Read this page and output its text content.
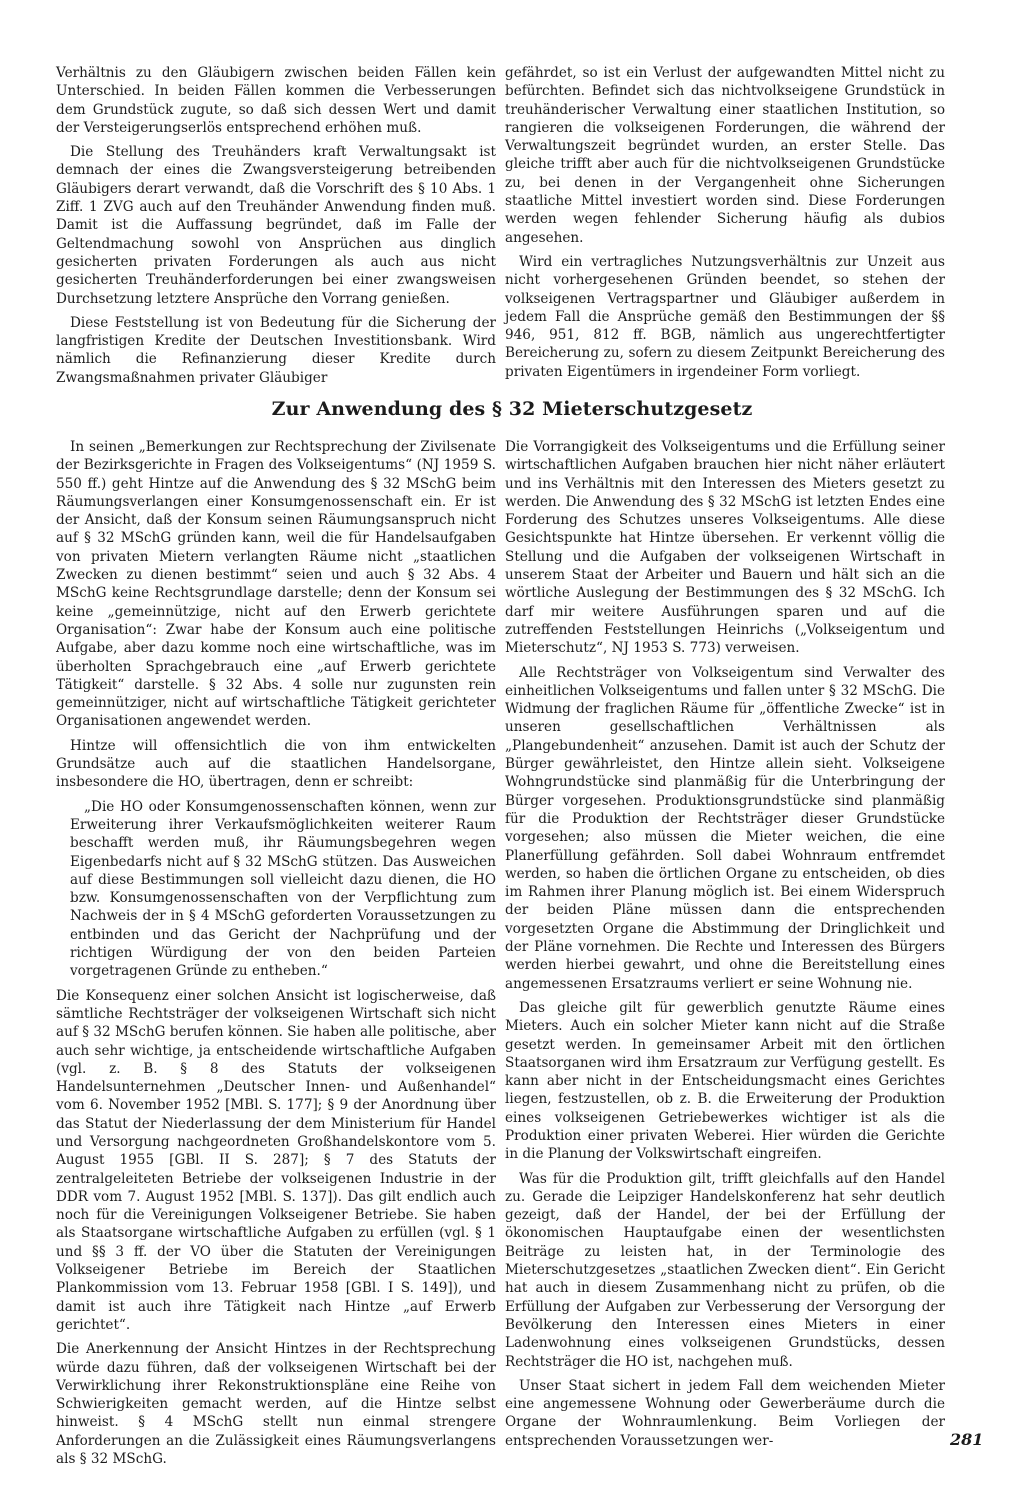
Verhältnis zu den Gläubigern zwischen beiden Fällen kein Unterschied. In beiden Fällen kommen die Verbesserungen dem Grundstück zugute, so daß sich dessen Wert und damit der Versteigerungserlös entsprechend erhöhen muß.

Die Stellung des Treuhänders kraft Verwaltungsakt ist demnach der eines die Zwangsversteigerung betreibenden Gläubigers derart verwandt, daß die Vorschrift des § 10 Abs. 1 Ziff. 1 ZVG auch auf den Treuhänder Anwendung finden muß. Damit ist die Auffassung begründet, daß im Falle der Geltendmachung sowohl von Ansprüchen aus dinglich gesicherten privaten Forderungen als auch aus nicht gesicherten Treuhänderforderungen bei einer zwangsweisen Durchsetzung letztere Ansprüche den Vorrang genießen.

Diese Feststellung ist von Bedeutung für die Sicherung der langfristigen Kredite der Deutschen Investitionsbank. Wird nämlich die Refinanzierung dieser Kredite durch Zwangsmaßnahmen privater Gläubiger

gefährdet, so ist ein Verlust der aufgewandten Mittel nicht zu befürchten. Befindet sich das nichtvolkseigene Grundstück in treuhänderischer Verwaltung einer staatlichen Institution, so rangieren die volkseigenen Forderungen, die während der Verwaltungszeit begründet wurden, an erster Stelle. Das gleiche trifft aber auch für die nichtvolkseigenen Grundstücke zu, bei denen in der Vergangenheit ohne Sicherungen staatliche Mittel investiert worden sind. Diese Forderungen werden wegen fehlender Sicherung häufig als dubios angesehen.

Wird ein vertragliches Nutzungsverhältnis zur Unzeit aus nicht vorhergesehenen Gründen beendet, so stehen der volkseigenen Vertragspartner und Gläubiger außerdem in jedem Fall die Ansprüche gemäß den Bestimmungen der §§ 946, 951, 812 ff. BGB, nämlich aus ungerechtfertigter Bereicherung zu, sofern zu diesem Zeitpunkt Bereicherung des privaten Eigentümers in irgendeiner Form vorliegt.

Zur Anwendung des § 32 Mieterschutzgesetz

In seinen „Bemerkungen zur Rechtsprechung der Zivilsenate der Bezirksgerichte in Fragen des Volkseigentums“ (NJ 1959 S. 550 ff.) geht Hintze auf die Anwendung des § 32 MSchG beim Räumungsverlangen einer Konsumgenossenschaft ein. Er ist der Ansicht, daß der Konsum seinen Räumungsanspruch nicht auf § 32 MSchG gründen kann, weil die für Handelsaufgaben von privaten Mietern verlangten Räume nicht „staatlichen Zwecken zu dienen bestimmt“ seien und auch § 32 Abs. 4 MSchG keine Rechtsgrundlage darstelle; denn der Konsum sei keine „gemeinnützige, nicht auf den Erwerb gerichtete Organisation“: Zwar habe der Konsum auch eine politische Aufgabe, aber dazu komme noch eine wirtschaftliche, was im überholten Sprachgebrauch eine „auf Erwerb gerichtete Tätigkeit“ darstelle. § 32 Abs. 4 solle nur zugunsten rein gemeinnütziger, nicht auf wirtschaftliche Tätigkeit gerichteter Organisationen angewendet werden.

Hintze will offensichtlich die von ihm entwickelten Grundsätze auch auf die staatlichen Handelsorgane, insbesondere die HO, übertragen, denn er schreibt:

„Die HO oder Konsumgenossenschaften können, wenn zur Erweiterung ihrer Verkaufsmöglichkeiten weiterer Raum beschafft werden muß, ihr Räumungsbegehren wegen Eigenbedarfs nicht auf § 32 MSchG stützen. Das Ausweichen auf diese Bestimmungen soll vielleicht dazu dienen, die HO bzw. Konsumgenossenschaften von der Verpflichtung zum Nachweis der in § 4 MSchG geforderten Voraussetzungen zu entbinden und das Gericht der Nachprüfung und der richtigen Würdigung der von den beiden Parteien vorgetragenen Gründe zu entheben.“

Die Konsequenz einer solchen Ansicht ist logischerweise, daß sämtliche Rechtsträger der volkseigenen Wirtschaft sich nicht auf § 32 MSchG berufen können. Sie haben alle politische, aber auch sehr wichtige, ja entscheidende wirtschaftliche Aufgaben (vgl. z. B. § 8 des Statuts der volkseigenen Handelsunternehmen „Deutscher Innen- und Außenhandel“ vom 6. November 1952 [MBl. S. 177]; § 9 der Anordnung über das Statut der Niederlassung der dem Ministerium für Handel und Versorgung nachgeordneten Großhandelskontore vom 5. August 1955 [GBl. II S. 287]; § 7 des Statuts der zentralgeleiteten Betriebe der volkseigenen Industrie in der DDR vom 7. August 1952 [MBl. S. 137]). Das gilt endlich auch noch für die Vereinigungen Volkseigener Betriebe. Sie haben als Staatsorgane wirtschaftliche Aufgaben zu erfüllen (vgl. § 1 und §§ 3 ff. der VO über die Statuten der Vereinigungen Volkseigener Betriebe im Bereich der Staatlichen Plankommission vom 13. Februar 1958 [GBl. I S. 149]), und damit ist auch ihre Tätigkeit nach Hintze „auf Erwerb gerichtet“.

Die Anerkennung der Ansicht Hintzes in der Rechtsprechung würde dazu führen, daß der volkseigenen Wirtschaft bei der Verwirklichung ihrer Rekonstruktionspläne eine Reihe von Schwierigkeiten gemacht werden, auf die Hintze selbst hinweist. § 4 MSchG stellt nun einmal strengere Anforderungen an die Zulässigkeit eines Räumungsverlangens als § 32 MSchG.

Die Vorrangigkeit des Volkseigentums und die Erfüllung seiner wirtschaftlichen Aufgaben brauchen hier nicht näher erläutert und ins Verhältnis mit den Interessen des Mieters gesetzt zu werden. Die Anwendung des § 32 MSchG ist letzten Endes eine Forderung des Schutzes unseres Volkseigentums. Alle diese Gesichtspunkte hat Hintze übersehen. Er verkennt völlig die Stellung und die Aufgaben der volkseigenen Wirtschaft in unserem Staat der Arbeiter und Bauern und hält sich an die wörtliche Auslegung der Bestimmungen des § 32 MSchG. Ich darf mir weitere Ausführungen sparen und auf die zutreffenden Feststellungen Heinrichs („Volkseigentum und Mieterschutz“, NJ 1953 S. 773) verweisen.

Alle Rechtsträger von Volkseigentum sind Verwalter des einheitlichen Volkseigentums und fallen unter § 32 MSchG. Die Widmung der fraglichen Räume für „öffentliche Zwecke“ ist in unseren gesellschaftlichen Verhältnissen als „Plangebundenheit“ anzusehen. Damit ist auch der Schutz der Bürger gewährleistet, den Hintze allein sieht. Volkseigene Wohngrundstücke sind planmäßig für die Unterbringung der Bürger vorgesehen. Produktionsgrundstücke sind planmäßig für die Produktion der Rechtsträger dieser Grundstücke vorgesehen; also müssen die Mieter weichen, die eine Planerfüllung gefährden. Soll dabei Wohnraum entfremdet werden, so haben die örtlichen Organe zu entscheiden, ob dies im Rahmen ihrer Planung möglich ist. Bei einem Widerspruch der beiden Pläne müssen dann die entsprechenden vorgesetzten Organe die Abstimmung der Dringlichkeit und der Pläne vornehmen. Die Rechte und Interessen des Bürgers werden hierbei gewahrt, und ohne die Bereitstellung eines angemessenen Ersatzraums verliert er seine Wohnung nie.

Das gleiche gilt für gewerblich genutzte Räume eines Mieters. Auch ein solcher Mieter kann nicht auf die Straße gesetzt werden. In gemeinsamer Arbeit mit den örtlichen Staatsorganen wird ihm Ersatzraum zur Verfügung gestellt. Es kann aber nicht in der Entscheidungsmacht eines Gerichtes liegen, festzustellen, ob z. B. die Erweiterung der Produktion eines volkseigenen Getriebewerkes wichtiger ist als die Produktion einer privaten Weberei. Hier würden die Gerichte in die Planung der Volkswirtschaft eingreifen.

Was für die Produktion gilt, trifft gleichfalls auf den Handel zu. Gerade die Leipziger Handelskonferenz hat sehr deutlich gezeigt, daß der Handel, der bei der Erfüllung der ökonomischen Hauptaufgabe einen der wesentlichsten Beiträge zu leisten hat, in der Terminologie des Mieterschutzgesetzes „staatlichen Zwecken dient“. Ein Gericht hat auch in diesem Zusammenhang nicht zu prüfen, ob die Erfüllung der Aufgaben zur Verbesserung der Versorgung der Bevölkerung den Interessen eines Mieters in einer Ladenwohnung eines volkseigenen Grundstücks, dessen Rechtsträger die HO ist, nachgehen muß.

Unser Staat sichert in jedem Fall dem weichenden Mieter eine angemessene Wohnung oder Gewerberäume durch die Organe der Wohnraumlenkung. Beim Vorliegen der entsprechenden Voraussetzungen wer-	281
